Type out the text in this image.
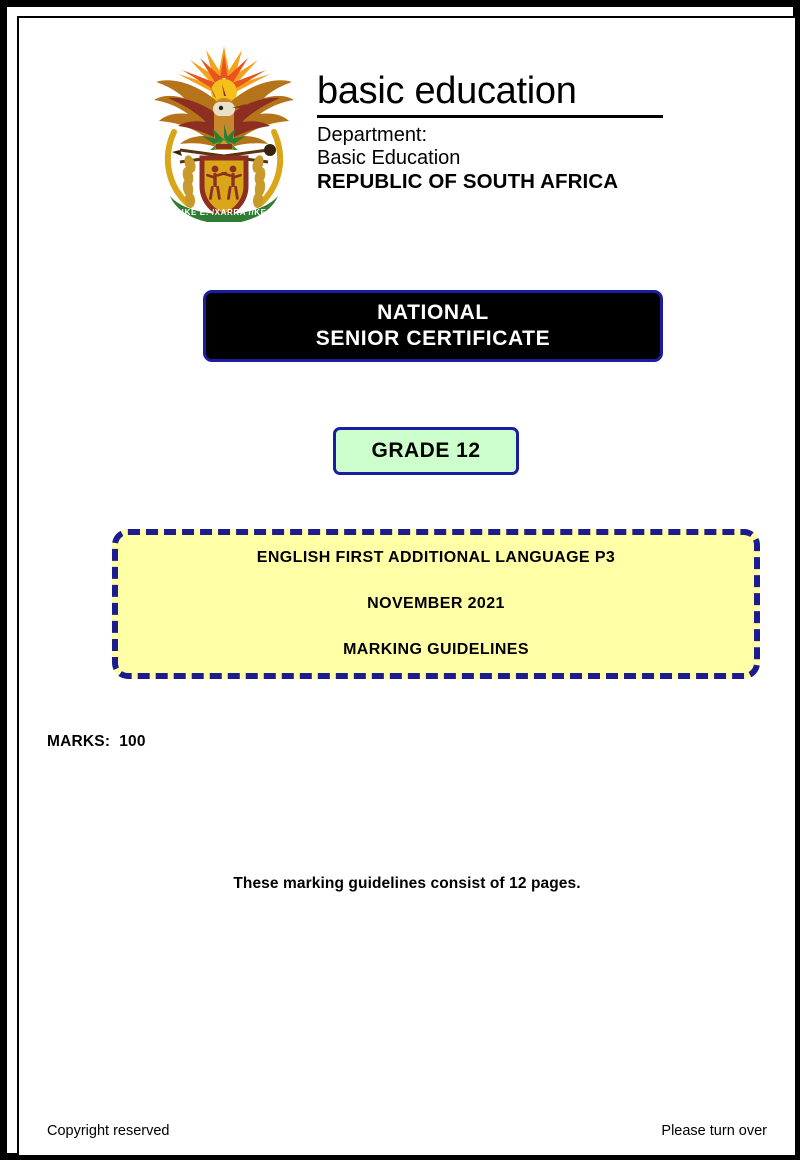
!KE E: /XARRA //KE
basic education
Department:
Basic Education
REPUBLIC OF SOUTH AFRICA
NATIONAL
SENIOR CERTIFICATE
GRADE 12
ENGLISH FIRST ADDITIONAL LANGUAGE P3
NOVEMBER 2021
MARKING GUIDELINES
MARKS:  100
These marking guidelines consist of 12 pages.
Copyright reserved	Please turn over
